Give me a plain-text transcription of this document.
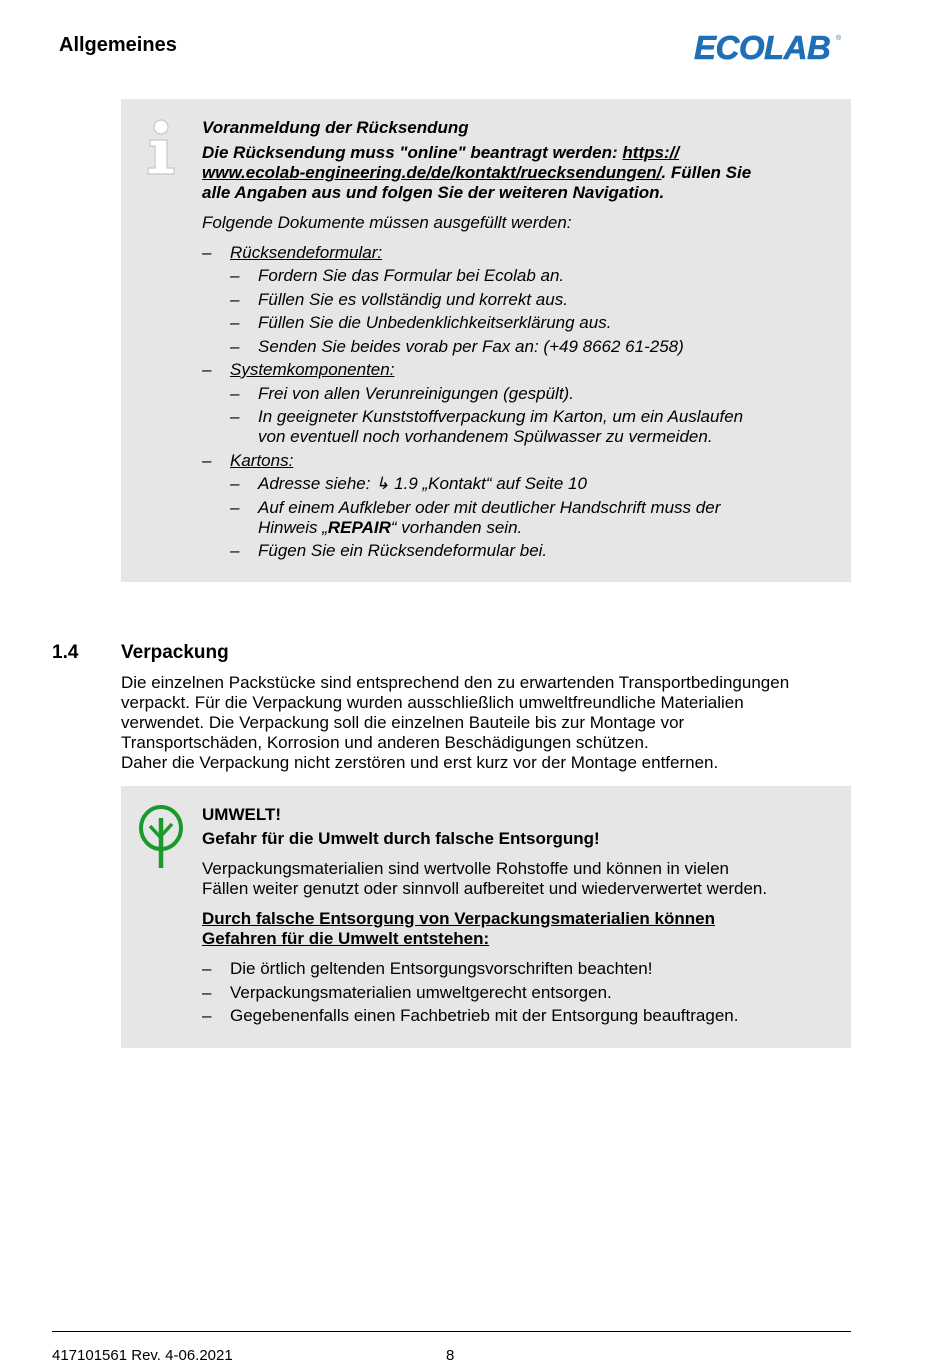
Allgemeines	ECOLAB ®
Voranmeldung der Rücksendung
Die Rücksendung muss "online" beantragt werden: https://
www.ecolab-engineering.de/de/kontakt/ruecksendungen/. Füllen Sie
alle Angaben aus und folgen Sie der weiteren Navigation.
Folgende Dokumente müssen ausgefüllt werden:
– Rücksendeformular:
– Fordern Sie das Formular bei Ecolab an.
– Füllen Sie es vollständig und korrekt aus.
– Füllen Sie die Unbedenklichkeitserklärung aus.
– Senden Sie beides vorab per Fax an: (+49 8662 61-258)
– Systemkomponenten:
– Frei von allen Verunreinigungen (gespült).
– In geeigneter Kunststoffverpackung im Karton, um ein Auslaufen
von eventuell noch vorhandenem Spülwasser zu vermeiden.
– Kartons:
– Adresse siehe: ↳ 1.9 „Kontakt“ auf Seite 10
– Auf einem Aufkleber oder mit deutlicher Handschrift muss der
Hinweis „REPAIR“ vorhanden sein.
– Fügen Sie ein Rücksendeformular bei.
1.4 Verpackung
Die einzelnen Packstücke sind entsprechend den zu erwartenden Transportbedingungen
verpackt. Für die Verpackung wurden ausschließlich umweltfreundliche Materialien
verwendet. Die Verpackung soll die einzelnen Bauteile bis zur Montage vor
Transportschäden, Korrosion und anderen Beschädigungen schützen.
Daher die Verpackung nicht zerstören und erst kurz vor der Montage entfernen.
UMWELT!
Gefahr für die Umwelt durch falsche Entsorgung!
Verpackungsmaterialien sind wertvolle Rohstoffe und können in vielen
Fällen weiter genutzt oder sinnvoll aufbereitet und wiederverwertet werden.
Durch falsche Entsorgung von Verpackungsmaterialien können
Gefahren für die Umwelt entstehen:
– Die örtlich geltenden Entsorgungsvorschriften beachten!
– Verpackungsmaterialien umweltgerecht entsorgen.
– Gegebenenfalls einen Fachbetrieb mit der Entsorgung beauftragen.
417101561 Rev. 4-06.2021	8
